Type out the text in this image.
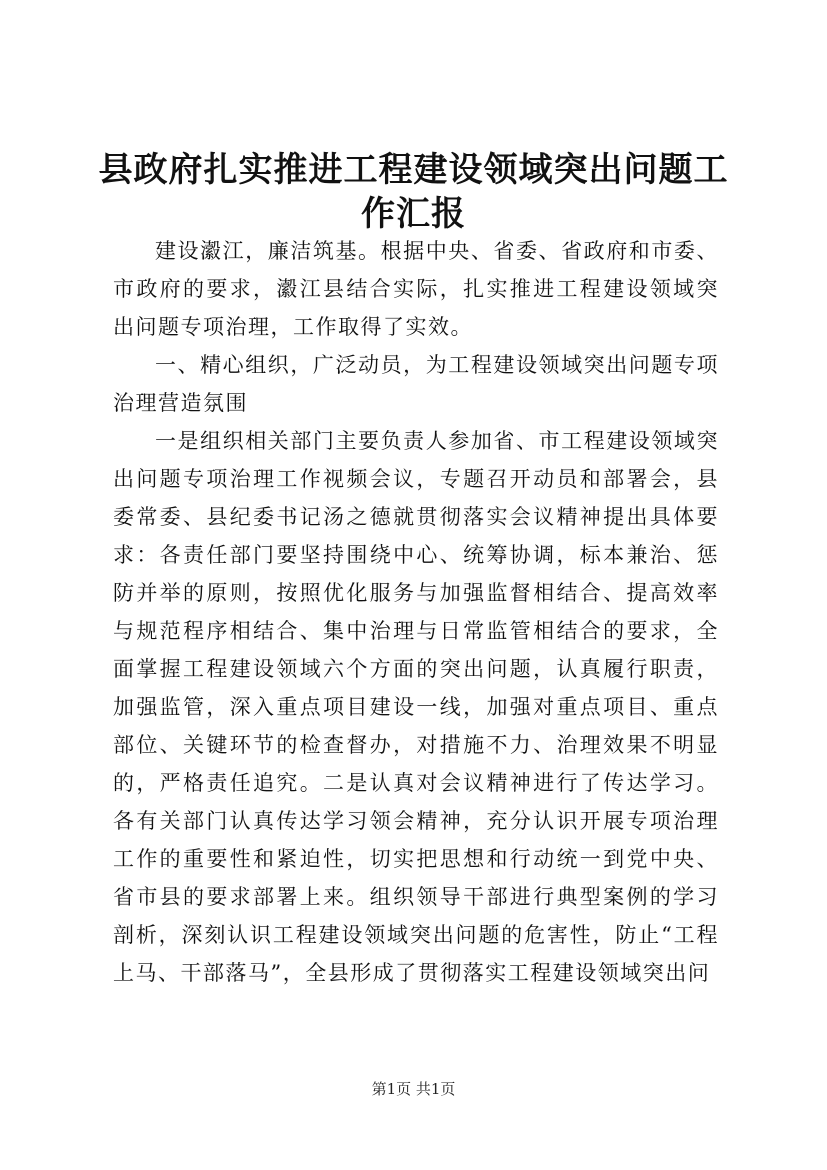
县政府扎实推进工程建设领域突出问题工作汇报

建设瀫江，廉洁筑基。根据中央、省委、省政府和市委、市政府的要求，瀫江县结合实际，扎实推进工程建设领域突出问题专项治理，工作取得了实效。

一、精心组织，广泛动员，为工程建设领域突出问题专项治理营造氛围

一是组织相关部门主要负责人参加省、市工程建设领域突出问题专项治理工作视频会议，专题召开动员和部署会，县委常委、县纪委书记汤之德就贯彻落实会议精神提出具体要求：各责任部门要坚持围绕中心、统筹协调，标本兼治、惩防并举的原则，按照优化服务与加强监督相结合、提高效率与规范程序相结合、集中治理与日常监管相结合的要求，全面掌握工程建设领域六个方面的突出问题，认真履行职责，加强监管，深入重点项目建设一线，加强对重点项目、重点部位、关键环节的检查督办，对措施不力、治理效果不明显的，严格责任追究。二是认真对会议精神进行了传达学习。各有关部门认真传达学习领会精神，充分认识开展专项治理工作的重要性和紧迫性，切实把思想和行动统一到党中央、省市县的要求部署上来。组织领导干部进行典型案例的学习剖析，深刻认识工程建设领域突出问题的危害性，防止“工程上马、干部落马”，全县形成了贯彻落实工程建设领域突出问

第1页 共1页
